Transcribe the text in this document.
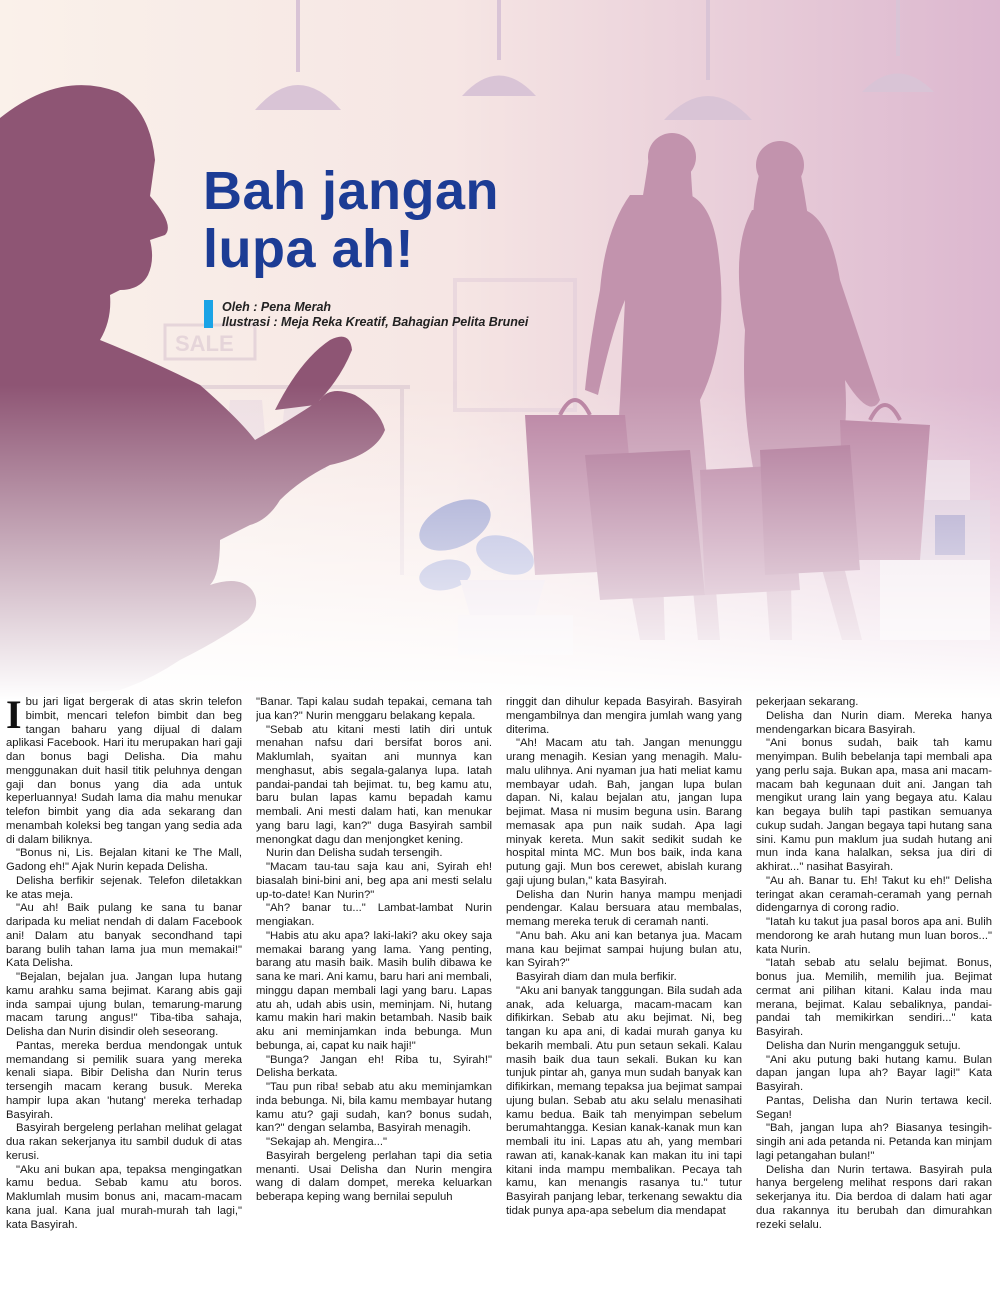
Bah jangan
lupa ah!
Oleh : Pena Merah
Ilustrasi : Meja Reka Kreatif, Bahagian Pelita Brunei

Ibu jari ligat bergerak di atas skrin telefon bimbit, mencari telefon bimbit dan beg tangan baharu yang dijual di dalam aplikasi Facebook. Hari itu merupakan hari gaji dan bonus bagi Delisha. Dia mahu menggunakan duit hasil titik peluhnya dengan gaji dan bonus yang dia ada untuk keperluannya! Sudah lama dia mahu menukar telefon bimbit yang dia ada sekarang dan menambah koleksi beg tangan yang sedia ada di dalam biliknya.

"Bonus ni, Lis. Bejalan kitani ke The Mall, Gadong eh!" Ajak Nurin kepada Delisha.

Delisha berfikir sejenak. Telefon diletakkan ke atas meja.

"Au ah! Baik pulang ke sana tu banar daripada ku meliat nendah di dalam Facebook ani! Dalam atu banyak secondhand tapi barang bulih tahan lama jua mun memakai!" Kata Delisha.

"Bejalan, bejalan jua. Jangan lupa hutang kamu arahku sama bejimat. Karang abis gaji inda sampai ujung bulan, temarung-marung macam tarung angus!" Tiba-tiba sahaja, Delisha dan Nurin disindir oleh seseorang.

Pantas, mereka berdua mendongak untuk memandang si pemilik suara yang mereka kenali siapa. Bibir Delisha dan Nurin terus tersengih macam kerang busuk. Mereka hampir lupa akan 'hutang' mereka terhadap Basyirah.

Basyirah bergeleng perlahan melihat gelagat dua rakan sekerjanya itu sambil duduk di atas kerusi.

"Aku ani bukan apa, tepaksa mengingatkan kamu bedua. Sebab kamu atu boros. Maklumlah musim bonus ani, macam-macam kana jual. Kana jual murah-murah tah lagi," kata Basyirah.

"Banar. Tapi kalau sudah tepakai, cemana tah jua kan?" Nurin menggaru belakang kepala.

"Sebab atu kitani mesti latih diri untuk menahan nafsu dari bersifat boros ani. Maklumlah, syaitan ani munnya kan menghasut, abis segala-galanya lupa. Iatah pandai-pandai tah bejimat. tu, beg kamu atu, baru bulan lapas kamu bepadah kamu membali. Ani mesti dalam hati, kan menukar yang baru lagi, kan?" duga Basyirah sambil menongkat dagu dan menjongket kening.

Nurin dan Delisha sudah tersengih.

"Macam tau-tau saja kau ani, Syirah eh! biasalah bini-bini ani, beg apa ani mesti selalu up-to-date! Kan Nurin?"

"Ah? banar tu..." Lambat-lambat Nurin mengiakan.

"Habis atu aku apa? laki-laki? aku okey saja memakai barang yang lama. Yang penting, barang atu masih baik. Masih bulih dibawa ke sana ke mari. Ani kamu, baru hari ani membali, minggu dapan membali lagi yang baru. Lapas atu ah, udah abis usin, meminjam. Ni, hutang kamu makin hari makin betambah. Nasib baik aku ani meminjamkan inda bebunga. Mun bebunga, ai, capat ku naik haji!"

"Bunga? Jangan eh! Riba tu, Syirah!" Delisha berkata.

"Tau pun riba! sebab atu aku meminjamkan inda bebunga. Ni, bila kamu membayar hutang kamu atu? gaji sudah, kan? bonus sudah, kan?" dengan selamba, Basyirah menagih.

"Sekajap ah. Mengira..."

Basyirah bergeleng perlahan tapi dia setia menanti. Usai Delisha dan Nurin mengira wang di dalam dompet, mereka keluarkan beberapa keping wang bernilai sepuluh

ringgit dan dihulur kepada Basyirah. Basyirah mengambilnya dan mengira jumlah wang yang diterima.

"Ah! Macam atu tah. Jangan menunggu urang menagih. Kesian yang menagih. Malu-malu ulihnya. Ani nyaman jua hati meliat kamu membayar udah. Bah, jangan lupa bulan dapan. Ni, kalau bejalan atu, jangan lupa bejimat. Masa ni musim beguna usin. Barang memasak apa pun naik sudah. Apa lagi minyak kereta. Mun sakit sedikit sudah ke hospital minta MC. Mun bos baik, inda kana putung gaji. Mun bos cerewet, abislah kurang gaji ujung bulan," kata Basyirah.

Delisha dan Nurin hanya mampu menjadi pendengar. Kalau bersuara atau membalas, memang mereka teruk di ceramah nanti.

"Anu bah. Aku ani kan betanya jua. Macam mana kau bejimat sampai hujung bulan atu, kan Syirah?"

Basyirah diam dan mula berfikir.

"Aku ani banyak tanggungan. Bila sudah ada anak, ada keluarga, macam-macam kan difikirkan. Sebab atu aku bejimat. Ni, beg tangan ku apa ani, di kadai murah ganya ku bekarih membali. Atu pun setaun sekali. Kalau masih baik dua taun sekali. Bukan ku kan tunjuk pintar ah, ganya mun sudah banyak kan difikirkan, memang tepaksa jua bejimat sampai ujung bulan. Sebab atu aku selalu menasihati kamu bedua. Baik tah menyimpan sebelum berumahtangga. Kesian kanak-kanak mun kan membali itu ini. Lapas atu ah, yang membari rawan ati, kanak-kanak kan makan itu ini tapi kitani inda mampu membalikan. Pecaya tah kamu, kan menangis rasanya tu." tutur Basyirah panjang lebar, terkenang sewaktu dia tidak punya apa-apa sebelum dia mendapat

pekerjaan sekarang.

Delisha dan Nurin diam. Mereka hanya mendengarkan bicara Basyirah.

"Ani bonus sudah, baik tah kamu menyimpan. Bulih bebelanja tapi membali apa yang perlu saja. Bukan apa, masa ani macam-macam bah kegunaan duit ani. Jangan tah mengikut urang lain yang begaya atu. Kalau kan begaya bulih tapi pastikan semuanya cukup sudah. Jangan begaya tapi hutang sana sini. Kamu pun maklum jua sudah hutang ani mun inda kana halalkan, seksa jua diri di akhirat..." nasihat Basyirah.

"Au ah. Banar tu. Eh! Takut ku eh!" Delisha teringat akan ceramah-ceramah yang pernah didengarnya di corong radio.

"Iatah ku takut jua pasal boros apa ani. Bulih mendorong ke arah hutang mun luan boros..." kata Nurin.

"Iatah sebab atu selalu bejimat. Bonus, bonus jua. Memilih, memilih jua. Bejimat cermat ani pilihan kitani. Kalau inda mau merana, bejimat. Kalau sebaliknya, pandai-pandai tah memikirkan sendiri..." kata Basyirah.

Delisha dan Nurin mengangguk setuju.

"Ani aku putung baki hutang kamu. Bulan dapan jangan lupa ah? Bayar lagi!" Kata Basyirah.

Pantas, Delisha dan Nurin tertawa kecil. Segan!

"Bah, jangan lupa ah? Biasanya tesingih-singih ani ada petanda ni. Petanda kan minjam lagi petangahan bulan!"

Delisha dan Nurin tertawa. Basyirah pula hanya bergeleng melihat respons dari rakan sekerjanya itu. Dia berdoa di dalam hati agar dua rakannya itu berubah dan dimurahkan rezeki selalu.
